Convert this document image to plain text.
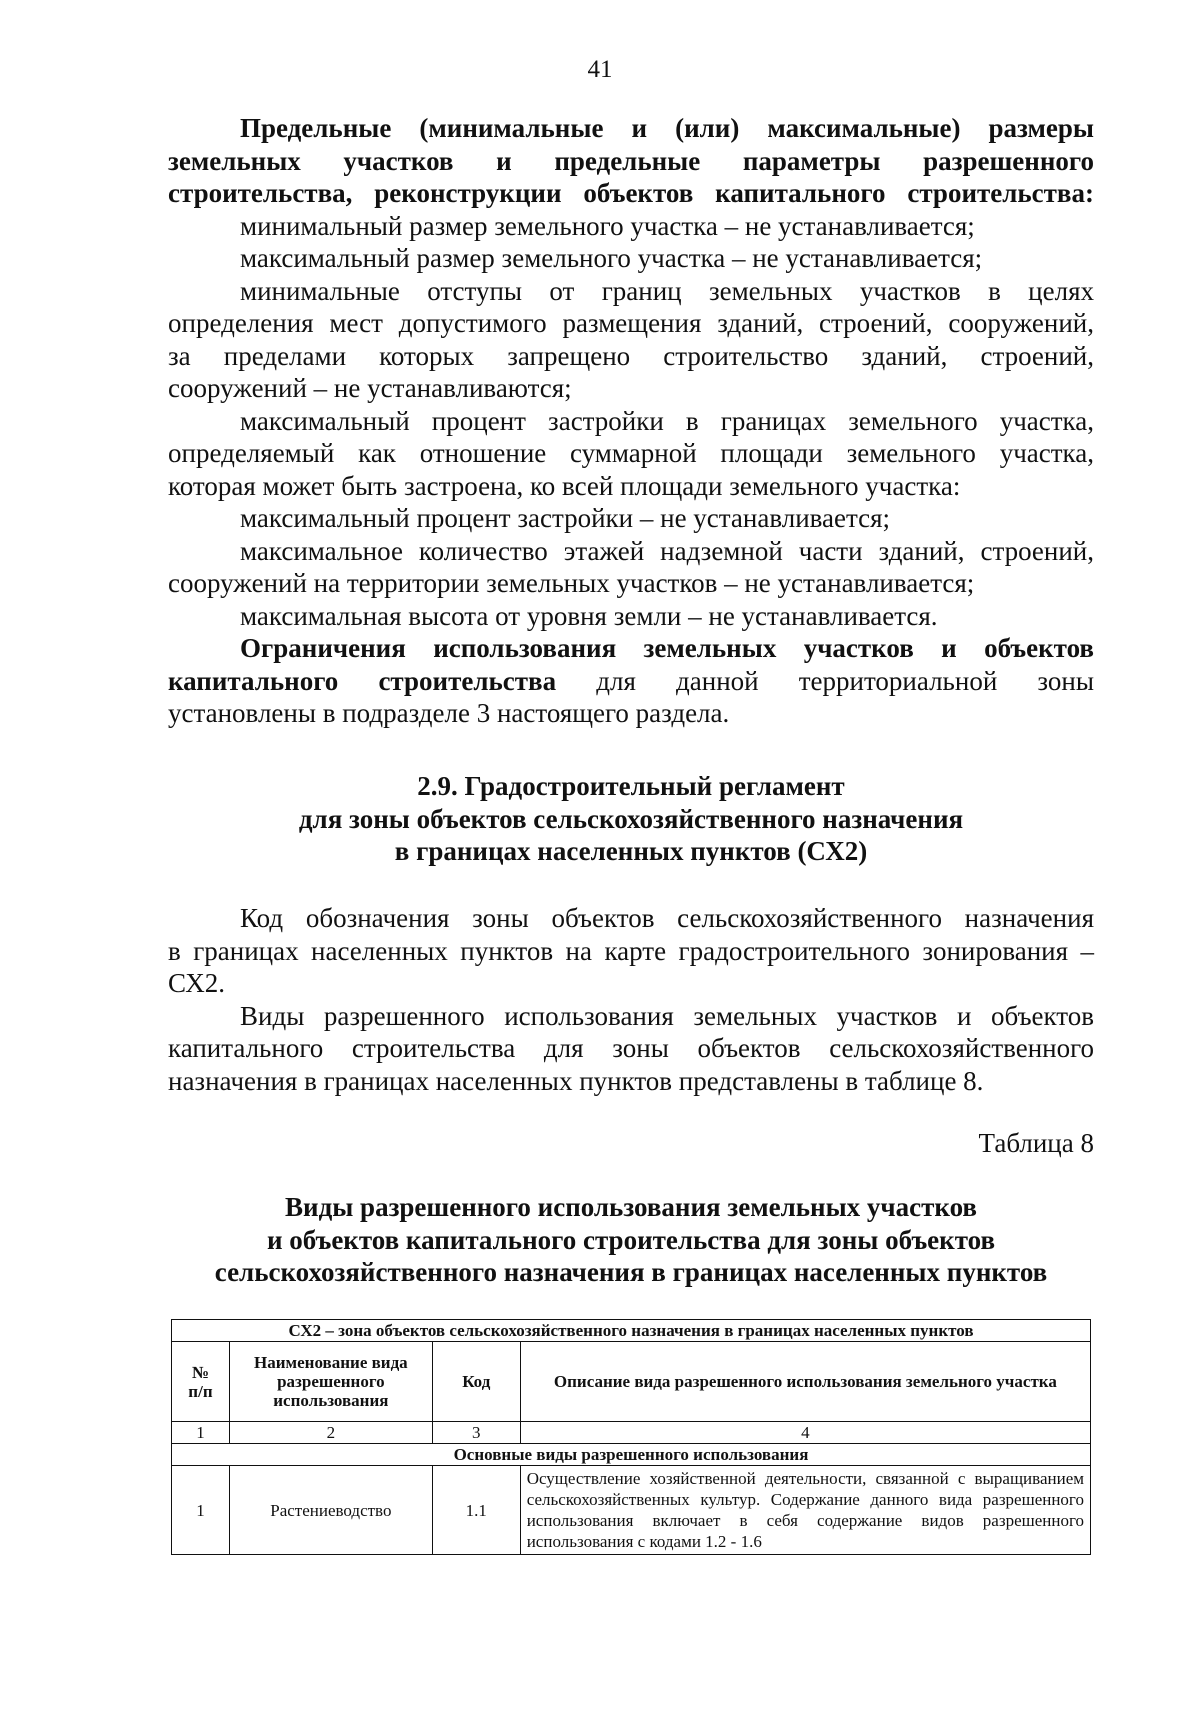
41

Предельные (минимальные и (или) максимальные) размеры

земельных участков и предельные параметры разрешенного

строительства, реконструкции объектов капитального строительства:

минимальный размер земельного участка – не устанавливается;

максимальный размер земельного участка – не устанавливается;

минимальные отступы от границ земельных участков в целях

определения мест допустимого размещения зданий, строений, сооружений,

за пределами которых запрещено строительство зданий, строений,

сооружений – не устанавливаются;

максимальный процент застройки в границах земельного участка,

определяемый как отношение суммарной площади земельного участка,

которая может быть застроена, ко всей площади земельного участка:

максимальный процент застройки – не устанавливается;

максимальное количество этажей надземной части зданий, строений,

сооружений на территории земельных участков – не устанавливается;

максимальная высота от уровня земли – не устанавливается.

Ограничения использования земельных участков и объектов

капитального строительства для данной территориальной зоны

установлены в подразделе 3 настоящего раздела.

2.9. Градостроительный регламент

для зоны объектов сельскохозяйственного назначения

в границах населенных пунктов (СХ2)

Код обозначения зоны объектов сельскохозяйственного назначения

в границах населенных пунктов на карте градостроительного зонирования –

СХ2.

Виды разрешенного использования земельных участков и объектов

капитального строительства для зоны объектов сельскохозяйственного

назначения в границах населенных пунктов представлены в таблице 8.

Таблица 8

Виды разрешенного использования земельных участков

и объектов капитального строительства для зоны объектов

сельскохозяйственного назначения в границах населенных пунктов

СХ2 – зона объектов сельскохозяйственного назначения в границах населенных пунктов			
№
п/п	Наименование вида разрешенного использования	Код	Описание вида разрешенного использования земельного участка
1	2	3	4
Основные виды разрешенного использования			
1	Растениеводство	1.1	Осуществление хозяйственной деятельности, связанной с выращиванием сельскохозяйственных культур. Содержание данного вида разрешенного использования включает в себя содержание видов разрешенного использования с кодами 1.2 - 1.6
